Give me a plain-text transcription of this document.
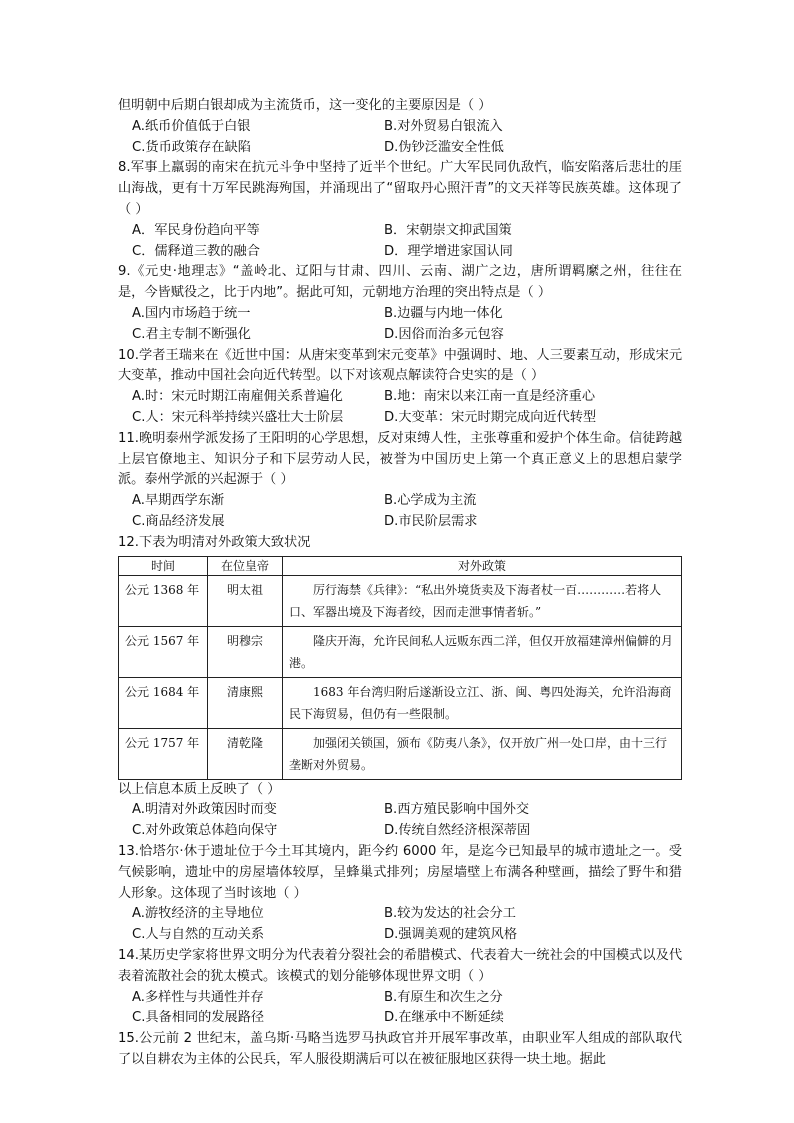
但明朝中后期白银却成为主流货币，这一变化的主要原因是（ ）
A.纸币价值低于白银	B.对外贸易白银流入
C.货币政策存在缺陷	D.伪钞泛滥安全性低
8.军事上羸弱的南宋在抗元斗争中坚持了近半个世纪。广大军民同仇敌忾，临安陷落后悲壮的厓山海战，更有十万军民跳海殉国，并涌现出了“留取丹心照汗青”的文天祥等民族英雄。这体现了（ ）
A．军民身份趋向平等	B．宋朝崇文抑武国策
C．儒释道三教的融合	D．理学增进家国认同
9.《元史·地理志》“盖岭北、辽阳与甘肃、四川、云南、湖广之边，唐所谓羁縻之州，往往在是，今皆赋役之，比于内地”。据此可知，元朝地方治理的突出特点是（ ）
A.国内市场趋于统一	B.边疆与内地一体化
C.君主专制不断强化	D.因俗而治多元包容
10.学者王瑞来在《近世中国：从唐宋变革到宋元变革》中强调时、地、人三要素互动，形成宋元大变革，推动中国社会向近代转型。以下对该观点解读符合史实的是（ ）
A.时：宋元时期江南雇佣关系普遍化	B.地：南宋以来江南一直是经济重心
C.人：宋元科举持续兴盛壮大士阶层	D.大变革：宋元时期完成向近代转型
11.晚明泰州学派发扬了王阳明的心学思想，反对束缚人性，主张尊重和爱护个体生命。信徒跨越上层官僚地主、知识分子和下层劳动人民，被誉为中国历史上第一个真正意义上的思想启蒙学派。泰州学派的兴起源于（ ）
A.早期西学东渐	B.心学成为主流
C.商品经济发展	D.市民阶层需求
12.下表为明清对外政策大致状况
时间	在位皇帝	对外政策
公元 1368 年	明太祖	厉行海禁《兵律》：“私出外境货卖及下海者杖一百…………若将人口、军器出境及下海者绞，因而走泄事情者斩。”
公元 1567 年	明穆宗	隆庆开海，允许民间私人远贩东西二洋，但仅开放福建漳州偏僻的月港。
公元 1684 年	清康熙	1683 年台湾归附后遂渐设立江、浙、闽、粤四处海关，允许沿海商民下海贸易，但仍有一些限制。
公元 1757 年	清乾隆	加强闭关锁国，颁布《防夷八条》，仅开放广州一处口岸，由十三行垄断对外贸易。
以上信息本质上反映了（ ）
A.明清对外政策因时而变	B.西方殖民影响中国外交
C.对外政策总体趋向保守	D.传统自然经济根深蒂固
13.恰塔尔·休于遗址位于今土耳其境内，距今约 6000 年，是迄今已知最早的城市遗址之一。受气候影响，遗址中的房屋墙体较厚，呈蜂巢式排列；房屋墙壁上布满各种壁画，描绘了野牛和猎人形象。这体现了当时该地（ ）
A.游牧经济的主导地位	B.较为发达的社会分工
C.人与自然的互动关系	D.强调美观的建筑风格
14.某历史学家将世界文明分为代表着分裂社会的希腊模式、代表着大一统社会的中国模式以及代表着流散社会的犹太模式。该模式的划分能够体现世界文明（ ）
A.多样性与共通性并存	B.有原生和次生之分
C.具备相同的发展路径	D.在继承中不断延续
15.公元前 2 世纪末，盖乌斯·马略当选罗马执政官并开展军事改革，由职业军人组成的部队取代了以自耕农为主体的公民兵，军人服役期满后可以在被征服地区获得一块土地。据此
